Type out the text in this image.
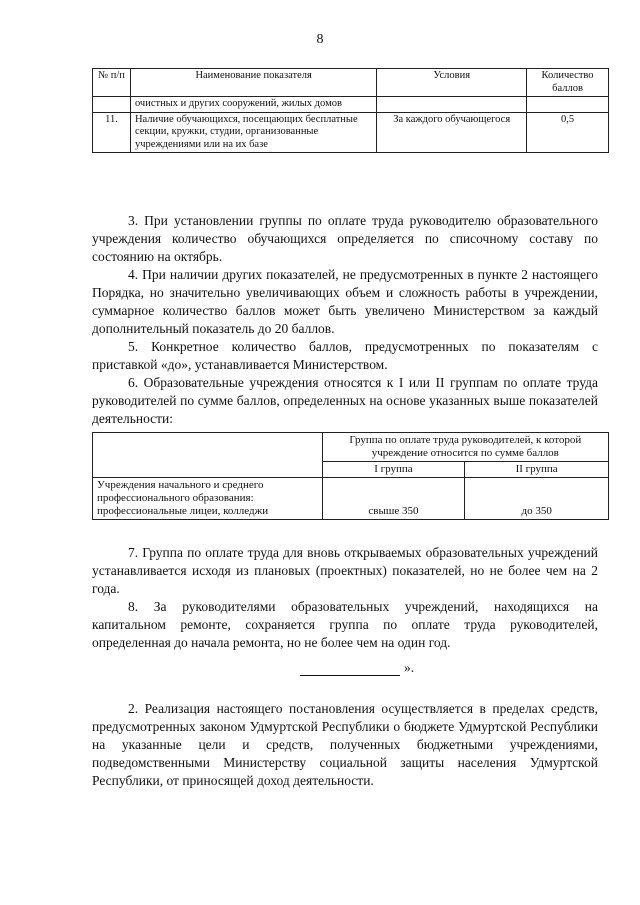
8
№ п/п	Наименование показателя	Условия	Количество баллов
	очистных и других сооружений, жилых домов		
11.	Наличие обучающихся, посещающих бесплатные секции, кружки, студии, организованные учреждениями или на их базе	За каждого обучающегося	0,5

3. При установлении группы по оплате труда руководителю образовательного учреждения количество обучающихся определяется по списочному составу по состоянию на октябрь.

4. При наличии других показателей, не предусмотренных в пункте 2 настоящего Порядка, но значительно увеличивающих объем и сложность работы в учреждении, суммарное количество баллов может быть увеличено Министерством за каждый дополнительный показатель до 20 баллов.

5. Конкретное количество баллов, предусмотренных по показателям с приставкой «до», устанавливается Министерством.

6. Образовательные учреждения относятся к I или II группам по оплате труда руководителей по сумме баллов, определенных на основе указанных выше показателей деятельности:

	Группа по оплате труда руководителей, к которой учреждение относится по сумме баллов	
	I группа	II группа
Учреждения начального и среднего профессионального образования: профессиональные лицеи, колледжи	свыше 350	до 350

7. Группа по оплате труда для вновь открываемых образовательных учреждений устанавливается исходя из плановых (проектных) показателей, но не более чем на 2 года.

8. За руководителями образовательных учреждений, находящихся на капитальном ремонте, сохраняется группа по оплате труда руководителей, определенная до начала ремонта, но не более чем на один год.

».

2. Реализация настоящего постановления осуществляется в пределах средств, предусмотренных законом Удмуртской Республики о бюджете Удмуртской Республики на указанные цели и средств, полученных бюджетными учреждениями, подведомственными Министерству социальной защиты населения Удмуртской Республики, от приносящей доход деятельности.
